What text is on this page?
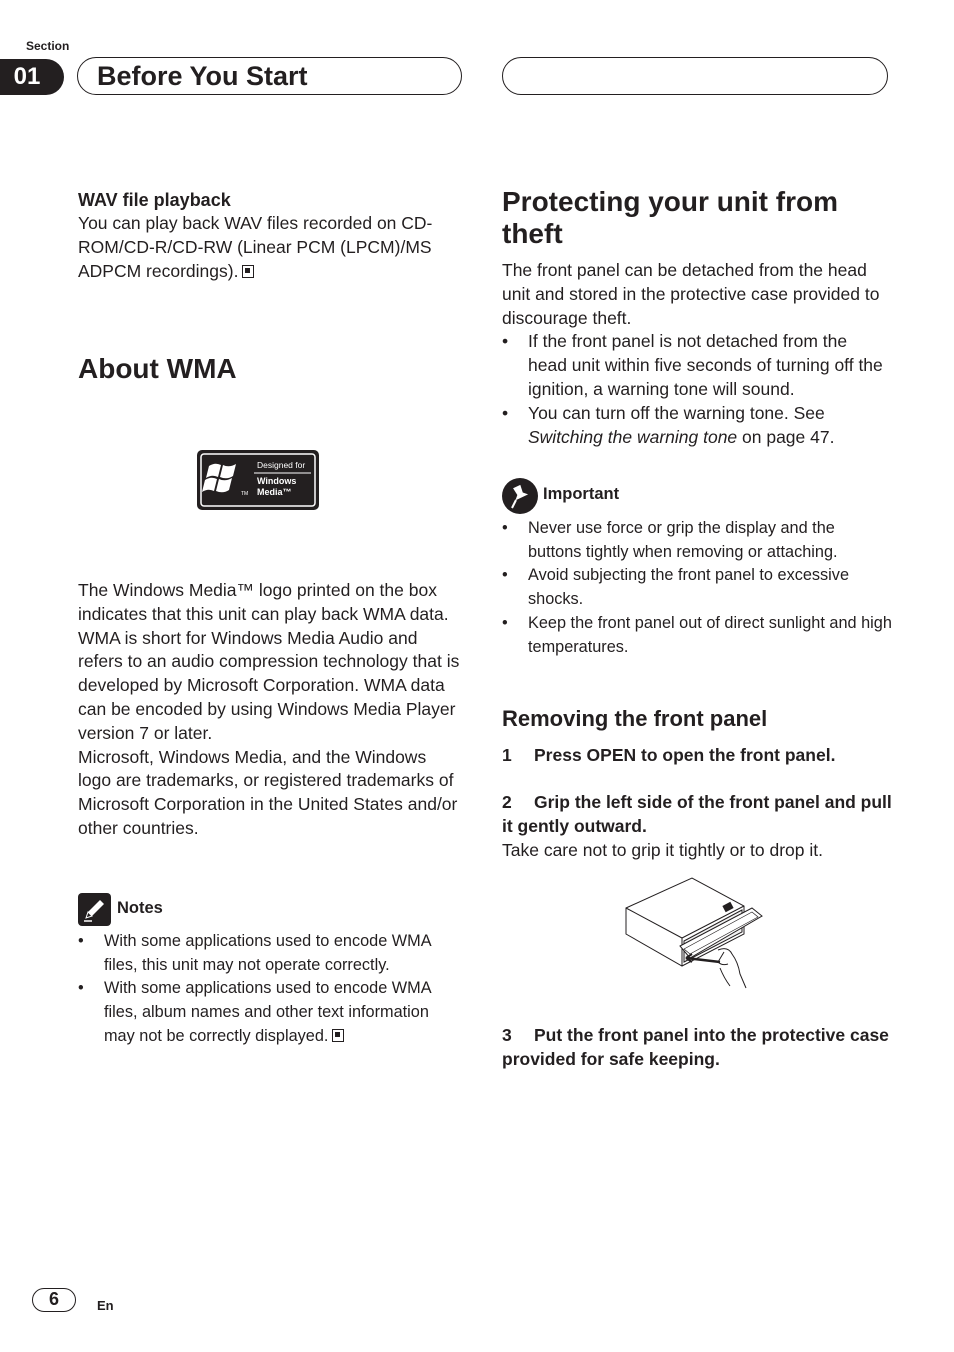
Section
01 Before You Start
WAV file playback
You can play back WAV files recorded on CD-ROM/CD-R/CD-RW (Linear PCM (LPCM)/MS ADPCM recordings).
About WMA
Designed for
Windows
Media™
TM
The Windows Media™ logo printed on the box indicates that this unit can play back WMA data.
WMA is short for Windows Media Audio and refers to an audio compression technology that is developed by Microsoft Corporation. WMA data can be encoded by using Windows Media Player version 7 or later.
Microsoft, Windows Media, and the Windows logo are trademarks, or registered trademarks of Microsoft Corporation in the United States and/or other countries.
Notes
• With some applications used to encode WMA files, this unit may not operate correctly.
• With some applications used to encode WMA files, album names and other text information may not be correctly displayed.
Protecting your unit from theft
The front panel can be detached from the head unit and stored in the protective case provided to discourage theft.
• If the front panel is not detached from the head unit within five seconds of turning off the ignition, a warning tone will sound.
• You can turn off the warning tone. See Switching the warning tone on page 47.
Important
• Never use force or grip the display and the buttons tightly when removing or attaching.
• Avoid subjecting the front panel to excessive shocks.
• Keep the front panel out of direct sunlight and high temperatures.
Removing the front panel
1 Press OPEN to open the front panel.
2 Grip the left side of the front panel and pull it gently outward.
Take care not to grip it tightly or to drop it.
3 Put the front panel into the protective case provided for safe keeping.
6	En
